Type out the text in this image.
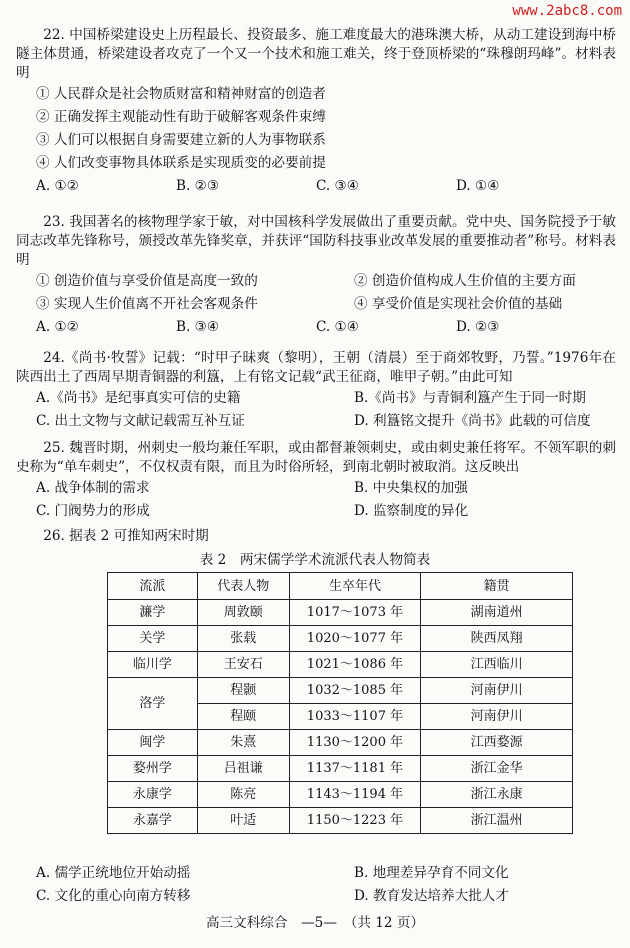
www.2abc8.com

22. 中国桥梁建设史上历程最长、投资最多、施工难度最大的港珠澳大桥，从动工建设到海中桥隧主体贯通，桥梁建设者攻克了一个又一个技术和施工难关，终于登顶桥梁的“珠穆朗玛峰”。材料表明

① 人民群众是社会物质财富和精神财富的创造者
② 正确发挥主观能动性有助于破解客观条件束缚
③ 人们可以根据自身需要建立新的人为事物联系
④ 人们改变事物具体联系是实现质变的必要前提
A. ①②	B. ②③	C. ③④	D. ①④

23. 我国著名的核物理学家于敏，对中国核科学发展做出了重要贡献。党中央、国务院授予于敏同志改革先锋称号，颁授改革先锋奖章，并获评“国防科技事业改革发展的重要推动者”称号。材料表明

① 创造价值与享受价值是高度一致的	② 创造价值构成人生价值的主要方面
③ 实现人生价值离不开社会客观条件	④ 享受价值是实现社会价值的基础
A. ①②	B. ③④	C. ①④	D. ②③

24.《尚书·牧誓》记载：“时甲子昧爽（黎明），王朝（清晨）至于商郊牧野，乃誓。”1976年在陕西出土了西周早期青铜器的利簋，上有铭文记载“武王征商，唯甲子朝。”由此可知

A.《尚书》是纪事真实可信的史籍	B.《尚书》与青铜利簋产生于同一时期
C. 出土文物与文献记载需互补互证	D. 利簋铭文提升《尚书》此载的可信度

25. 魏晋时期，州刺史一般均兼任军职，或由都督兼领刺史，或由刺史兼任将军。不领军职的刺史称为“单车刺史”，不仅权责有限，而且为时俗所轻，到南北朝时被取消。这反映出

A. 战争体制的需求	B. 中央集权的加强
C. 门阀势力的形成	D. 监察制度的异化

26. 据表 2 可推知两宋时期

表 2　两宋儒学学术流派代表人物简表
流派	代表人物	生卒年代	籍贯
濂学	周敦颐	1017～1073 年	湖南道州
关学	张载	1020～1077 年	陕西凤翔
临川学	王安石	1021～1086 年	江西临川
洛学	程颢	1032～1085 年	河南伊川
	程颐	1033～1107 年	河南伊川
闽学	朱熹	1130～1200 年	江西婺源
婺州学	吕祖谦	1137～1181 年	浙江金华
永康学	陈亮	1143～1194 年	浙江永康
永嘉学	叶适	1150～1223 年	浙江温州
A. 儒学正统地位开始动摇	B. 地理差异孕育不同文化
C. 文化的重心向南方转移	D. 教育发达培养大批人才
高三文科综合　—5—　（共 12 页）
